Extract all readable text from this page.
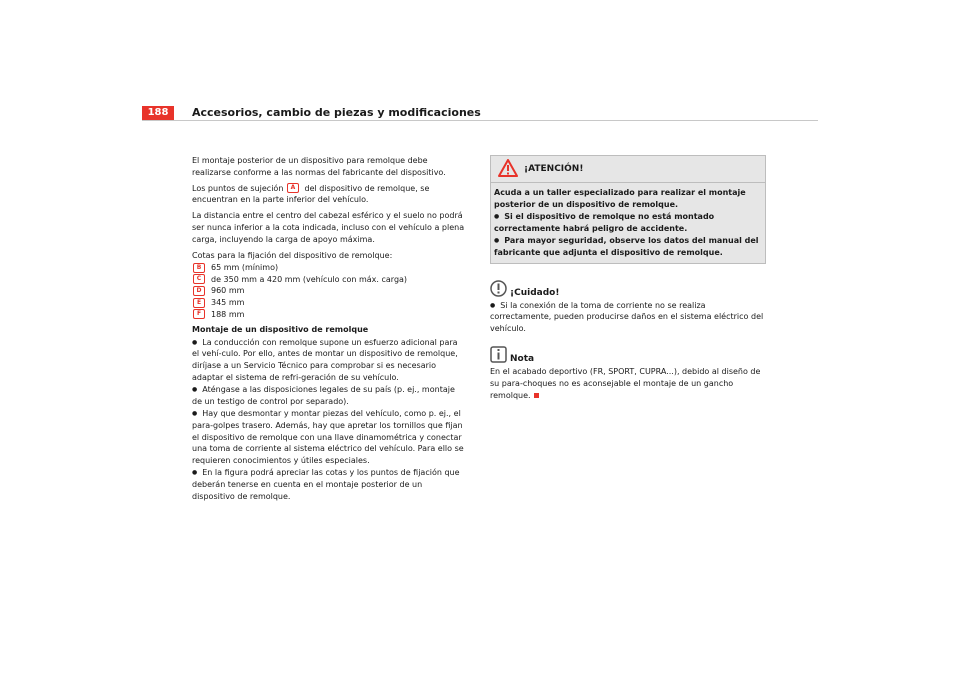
188	Accesorios, cambio de piezas y modificaciones

El montaje posterior de un dispositivo para remolque debe realizarse conforme a las normas del fabricante del dispositivo.

Los puntos de sujeción A del dispositivo de remolque, se encuentran en la parte inferior del vehículo.

La distancia entre el centro del cabezal esférico y el suelo no podrá ser nunca inferior a la cota indicada, incluso con el vehículo a plena carga, incluyendo la carga de apoyo máxima.

Cotas para la fijación del dispositivo de remolque:

B 65 mm (mínimo)
C de 350 mm a 420 mm (vehículo con máx. carga)
D 960 mm
E 345 mm
F 188 mm

Montaje de un dispositivo de remolque

● La conducción con remolque supone un esfuerzo adicional para el vehí-culo. Por ello, antes de montar un dispositivo de remolque, diríjase a un Servicio Técnico para comprobar si es necesario adaptar el sistema de refri-geración de su vehículo.

● Aténgase a las disposiciones legales de su país (p. ej., montaje de un testigo de control por separado).

● Hay que desmontar y montar piezas del vehículo, como p. ej., el para-golpes trasero. Además, hay que apretar los tornillos que fijan el dispositivo de remolque con una llave dinamométrica y conectar una toma de corriente al sistema eléctrico del vehículo. Para ello se requieren conocimientos y útiles especiales.

● En la figura podrá apreciar las cotas y los puntos de fijación que deberán tenerse en cuenta en el montaje posterior de un dispositivo de remolque.

¡ATENCIÓN!

Acuda a un taller especializado para realizar el montaje posterior de un dispositivo de remolque.

● Si el dispositivo de remolque no está montado correctamente habrá peligro de accidente.

● Para mayor seguridad, observe los datos del manual del fabricante que adjunta el dispositivo de remolque.

¡Cuidado!

● Si la conexión de la toma de corriente no se realiza correctamente, pueden producirse daños en el sistema eléctrico del vehículo.

Nota

En el acabado deportivo (FR, SPORT, CUPRA...), debido al diseño de su para-choques no es aconsejable el montaje de un gancho remolque.
